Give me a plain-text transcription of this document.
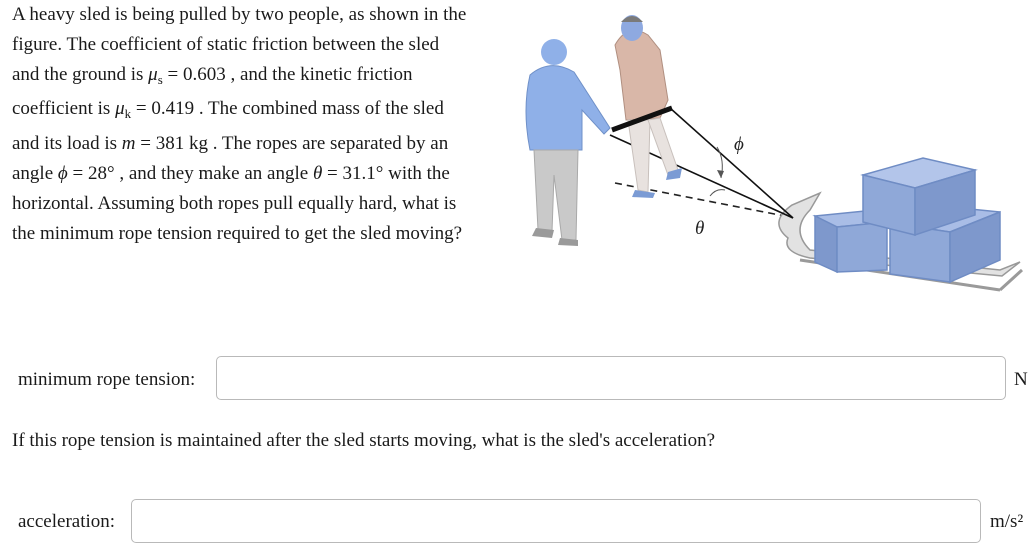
A heavy sled is being pulled by two people, as shown in the
figure. The coefficient of static friction between the sled
and the ground is $\mu_s = 0.603$ , and the kinetic friction
coefficient is $\mu_k = 0.419$ . The combined mass of the sled
and its load is m = 381 kg . The ropes are separated by an
angle ϕ = 28° , and they make an angle θ = 31.1° with the
horizontal. Assuming both ropes pull equally hard, what is
the minimum rope tension required to get the sled moving?
ϕ
θ
minimum rope tension:	N
If this rope tension is maintained after the sled starts moving, what is the sled's acceleration?
acceleration:	m/s²
